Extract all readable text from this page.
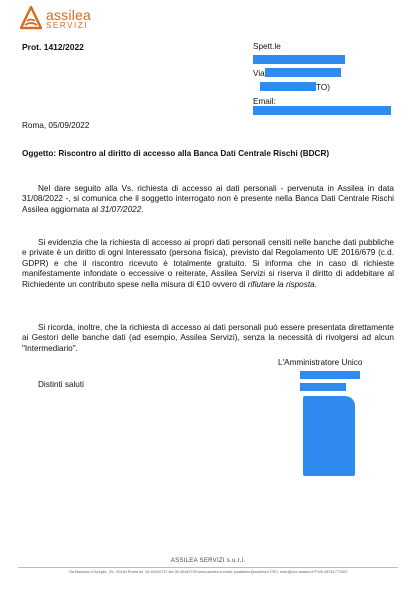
assilea
SERVIZI
Prot. 1412/2022	Spett.le
Via
TO)
Email:
Roma, 05/09/2022
Oggetto: Riscontro al diritto di accesso alla Banca Dati Centrale Rischi (BDCR)
Nel dare seguito alla Vs. richiesta di accesso ai dati personali - pervenuta in Assilea in data 31/08/2022 -, si comunica che il soggetto interrogato non è presente nella Banca Dati Centrale Rischi Assilea aggiornata al 31/07/2022.
Si evidenzia che la richiesta di accesso ai propri dati personali censiti nelle banche dati pubbliche e private è un diritto di ogni Interessato (persona fisica), previsto dal Regolamento UE 2016/679 (c.d. GDPR) e che il riscontro ricevuto è totalmente gratuito. Si informa che in caso di richieste manifestamente infondate o eccessive o reiterate, Assilea Servizi si riserva il diritto di addebitare al Richiedente un contributo spese nella misura di €10 ovvero di rifiutare la risposta.
Si ricorda, inoltre, che la richiesta di accesso ai dati personali può essere presentata direttamente ai Gestori delle banche dati (ad esempio, Assilea Servizi), senza la necessità di rivolgersi ad alcun "Intermediario".
Distinti saluti
L'Amministratore Unico
ASSILEA SERVIZI s.u.r.l.
Via Massimo d'Azeglio, 33 - 00184 Roma tel. 06.45440737 fax 06.45440739 www.assilea.it email: postabdcr@assilea.it PEC: bdcr@pec.assilea.it P.IVA 08761771002
